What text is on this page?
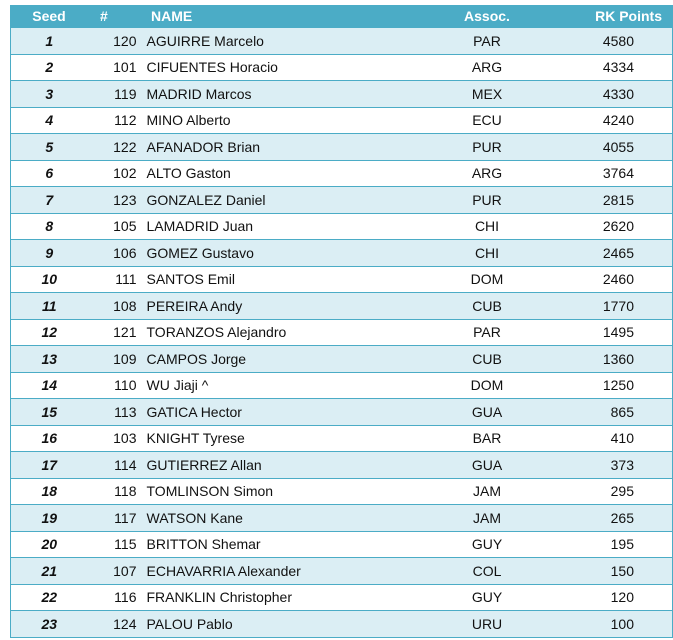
Seed	#	NAME	Assoc.	RK Points
1	120	AGUIRRE Marcelo	PAR	4580
2	101	CIFUENTES Horacio	ARG	4334
3	119	MADRID Marcos	MEX	4330
4	112	MINO Alberto	ECU	4240
5	122	AFANADOR Brian	PUR	4055
6	102	ALTO Gaston	ARG	3764
7	123	GONZALEZ Daniel	PUR	2815
8	105	LAMADRID Juan	CHI	2620
9	106	GOMEZ Gustavo	CHI	2465
10	111	SANTOS Emil	DOM	2460
11	108	PEREIRA Andy	CUB	1770
12	121	TORANZOS Alejandro	PAR	1495
13	109	CAMPOS Jorge	CUB	1360
14	110	WU Jiaji ^	DOM	1250
15	113	GATICA Hector	GUA	865
16	103	KNIGHT Tyrese	BAR	410
17	114	GUTIERREZ Allan	GUA	373
18	118	TOMLINSON Simon	JAM	295
19	117	WATSON Kane	JAM	265
20	115	BRITTON Shemar	GUY	195
21	107	ECHAVARRIA Alexander	COL	150
22	116	FRANKLIN Christopher	GUY	120
23	124	PALOU Pablo	URU	100
